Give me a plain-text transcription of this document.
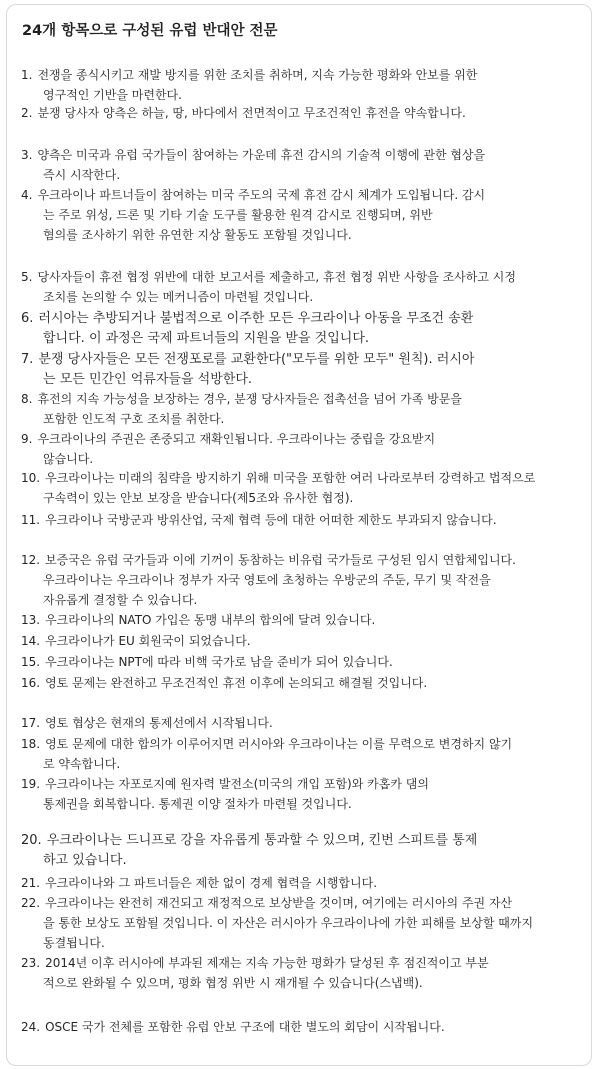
24개 항목으로 구성된 유럽 반대안 전문
1. 전쟁을 종식시키고 재발 방지를 위한 조치를 취하며, 지속 가능한 평화와 안보를 위한
영구적인 기반을 마련한다.
2. 분쟁 당사자 양측은 하늘, 땅, 바다에서 전면적이고 무조건적인 휴전을 약속합니다.
3. 양측은 미국과 유럽 국가들이 참여하는 가운데 휴전 감시의 기술적 이행에 관한 협상을
즉시 시작한다.
4. 우크라이나 파트너들이 참여하는 미국 주도의 국제 휴전 감시 체계가 도입됩니다. 감시
는 주로 위성, 드론 및 기타 기술 도구를 활용한 원격 감시로 진행되며, 위반
혐의를 조사하기 위한 유연한 지상 활동도 포함될 것입니다.
5. 당사자들이 휴전 협정 위반에 대한 보고서를 제출하고, 휴전 협정 위반 사항을 조사하고 시정
조치를 논의할 수 있는 메커니즘이 마련될 것입니다.
6. 러시아는 추방되거나 불법적으로 이주한 모든 우크라이나 아동을 무조건 송환
합니다. 이 과정은 국제 파트너들의 지원을 받을 것입니다.
7. 분쟁 당사자들은 모든 전쟁포로를 교환한다("모두를 위한 모두" 원칙). 러시아
는 모든 민간인 억류자들을 석방한다.
8. 휴전의 지속 가능성을 보장하는 경우, 분쟁 당사자들은 접촉선을 넘어 가족 방문을
포함한 인도적 구호 조치를 취한다.
9. 우크라이나의 주권은 존중되고 재확인됩니다. 우크라이나는 중립을 강요받지
않습니다.
10. 우크라이나는 미래의 침략을 방지하기 위해 미국을 포함한 여러 나라로부터 강력하고 법적으로
구속력이 있는 안보 보장을 받습니다(제5조와 유사한 협정).
11. 우크라이나 국방군과 방위산업, 국제 협력 등에 대한 어떠한 제한도 부과되지 않습니다.
12. 보증국은 유럽 국가들과 이에 기꺼이 동참하는 비유럽 국가들로 구성된 임시 연합체입니다.
우크라이나는 우크라이나 정부가 자국 영토에 초청하는 우방군의 주둔, 무기 및 작전을
자유롭게 결정할 수 있습니다.
13. 우크라이나의 NATO 가입은 동맹 내부의 합의에 달려 있습니다.
14. 우크라이나가 EU 회원국이 되었습니다.
15. 우크라이나는 NPT에 따라 비핵 국가로 남을 준비가 되어 있습니다.
16. 영토 문제는 완전하고 무조건적인 휴전 이후에 논의되고 해결될 것입니다.
17. 영토 협상은 현재의 통제선에서 시작됩니다.
18. 영토 문제에 대한 합의가 이루어지면 러시아와 우크라이나는 이를 무력으로 변경하지 않기
로 약속합니다.
19. 우크라이나는 자포로지예 원자력 발전소(미국의 개입 포함)와 카홉카 댐의
통제권을 회복합니다. 통제권 이양 절차가 마련될 것입니다.
20. 우크라이나는 드니프로 강을 자유롭게 통과할 수 있으며, 킨번 스피트를 통제
하고 있습니다.
21. 우크라이나와 그 파트너들은 제한 없이 경제 협력을 시행합니다.
22. 우크라이나는 완전히 재건되고 재정적으로 보상받을 것이며, 여기에는 러시아의 주권 자산
을 통한 보상도 포함될 것입니다. 이 자산은 러시아가 우크라이나에 가한 피해를 보상할 때까지
동결됩니다.
23. 2014년 이후 러시아에 부과된 제재는 지속 가능한 평화가 달성된 후 점진적이고 부분
적으로 완화될 수 있으며, 평화 협정 위반 시 재개될 수 있습니다(스냅백).
24. OSCE 국가 전체를 포함한 유럽 안보 구조에 대한 별도의 회담이 시작됩니다.
